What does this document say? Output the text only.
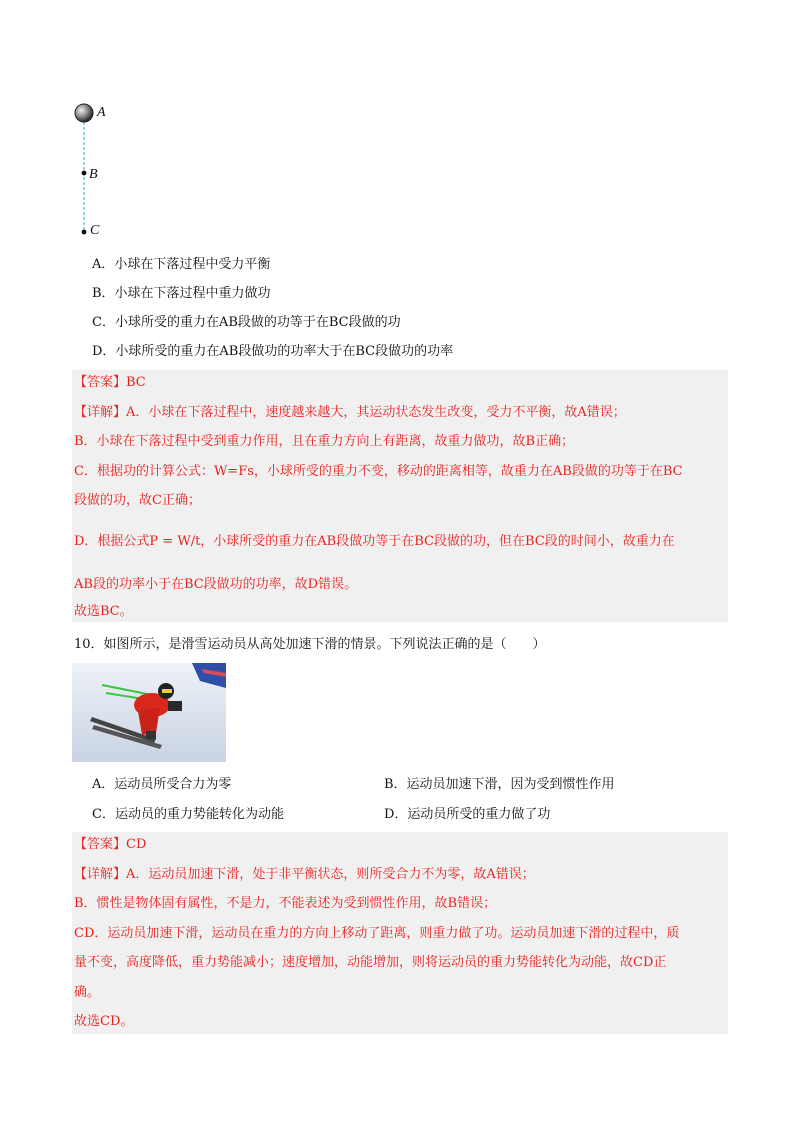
A
B
C
A．小球在下落过程中受力平衡
B．小球在下落过程中重力做功
C．小球所受的重力在AB段做的功等于在BC段做的功
D．小球所受的重力在AB段做功的功率大于在BC段做功的功率
【答案】BC
【详解】A．小球在下落过程中，速度越来越大，其运动状态发生改变，受力不平衡，故A错误；
B．小球在下落过程中受到重力作用，且在重力方向上有距离，故重力做功，故B正确；
C．根据功的计算公式：W=Fs，小球所受的重力不变，移动的距离相等，故重力在AB段做的功等于在BC
段做的功，故C正确；
D．根据公式P = W/t，小球所受的重力在AB段做功等于在BC段做的功，但在BC段的时间小，故重力在
AB段的功率小于在BC段做功的功率，故D错误。
故选BC。
10．如图所示，是滑雪运动员从高处加速下滑的情景。下列说法正确的是（　　）
A．运动员所受合力为零	B．运动员加速下滑，因为受到惯性作用
C．运动员的重力势能转化为动能	D．运动员所受的重力做了功
【答案】CD
【详解】A．运动员加速下滑，处于非平衡状态，则所受合力不为零，故A错误；
B．惯性是物体固有属性，不是力，不能表述为受到惯性作用，故B错误；
CD．运动员加速下滑，运动员在重力的方向上移动了距离，则重力做了功。运动员加速下滑的过程中，质
量不变，高度降低，重力势能减小；速度增加，动能增加，则将运动员的重力势能转化为动能，故CD正
确。
故选CD。
